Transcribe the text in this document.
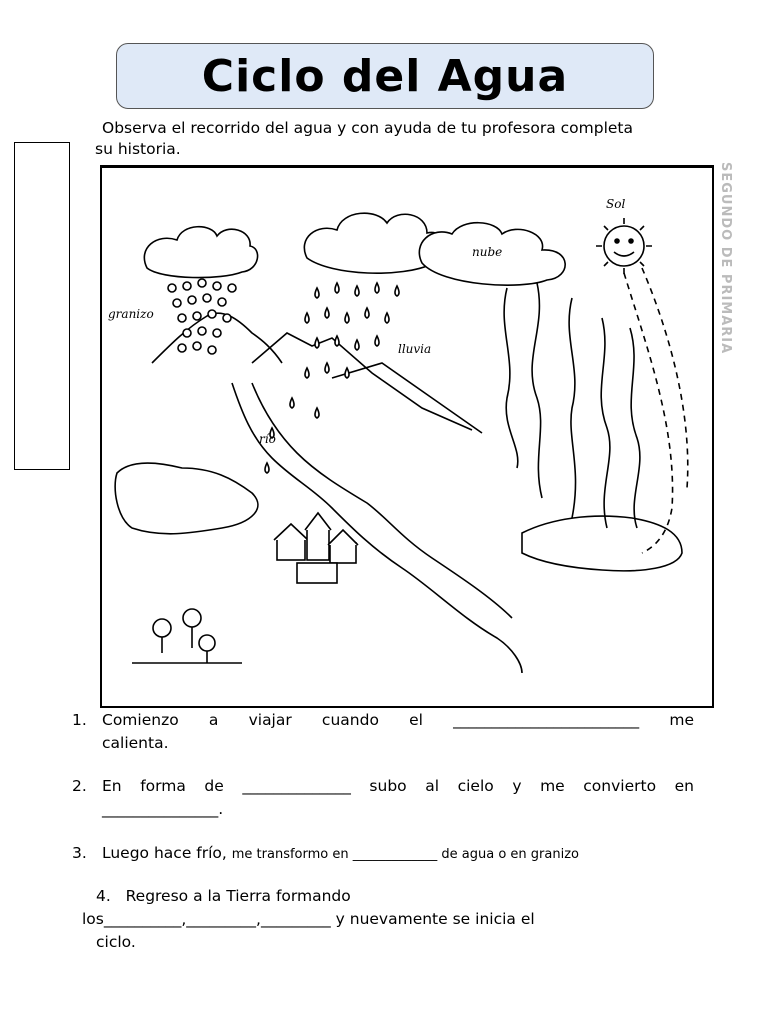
Ciclo del Agua
Observa el recorrido del agua y con ayuda de tu profesora completa
su historia.
SEGUNDO DE PRIMARIA
Sol
nube
granizo
lluvia
río
1. Comienzo a viajar cuando el ________________________ me
calienta.
2. En forma de ______________ subo al cielo y me convierto en
_______________.
3. Luego hace frío, me transformo en _____________ de agua o en granizo
4. Regreso a la Tierra formando
los__________,_________,_________ y nuevamente se inicia el
ciclo.
